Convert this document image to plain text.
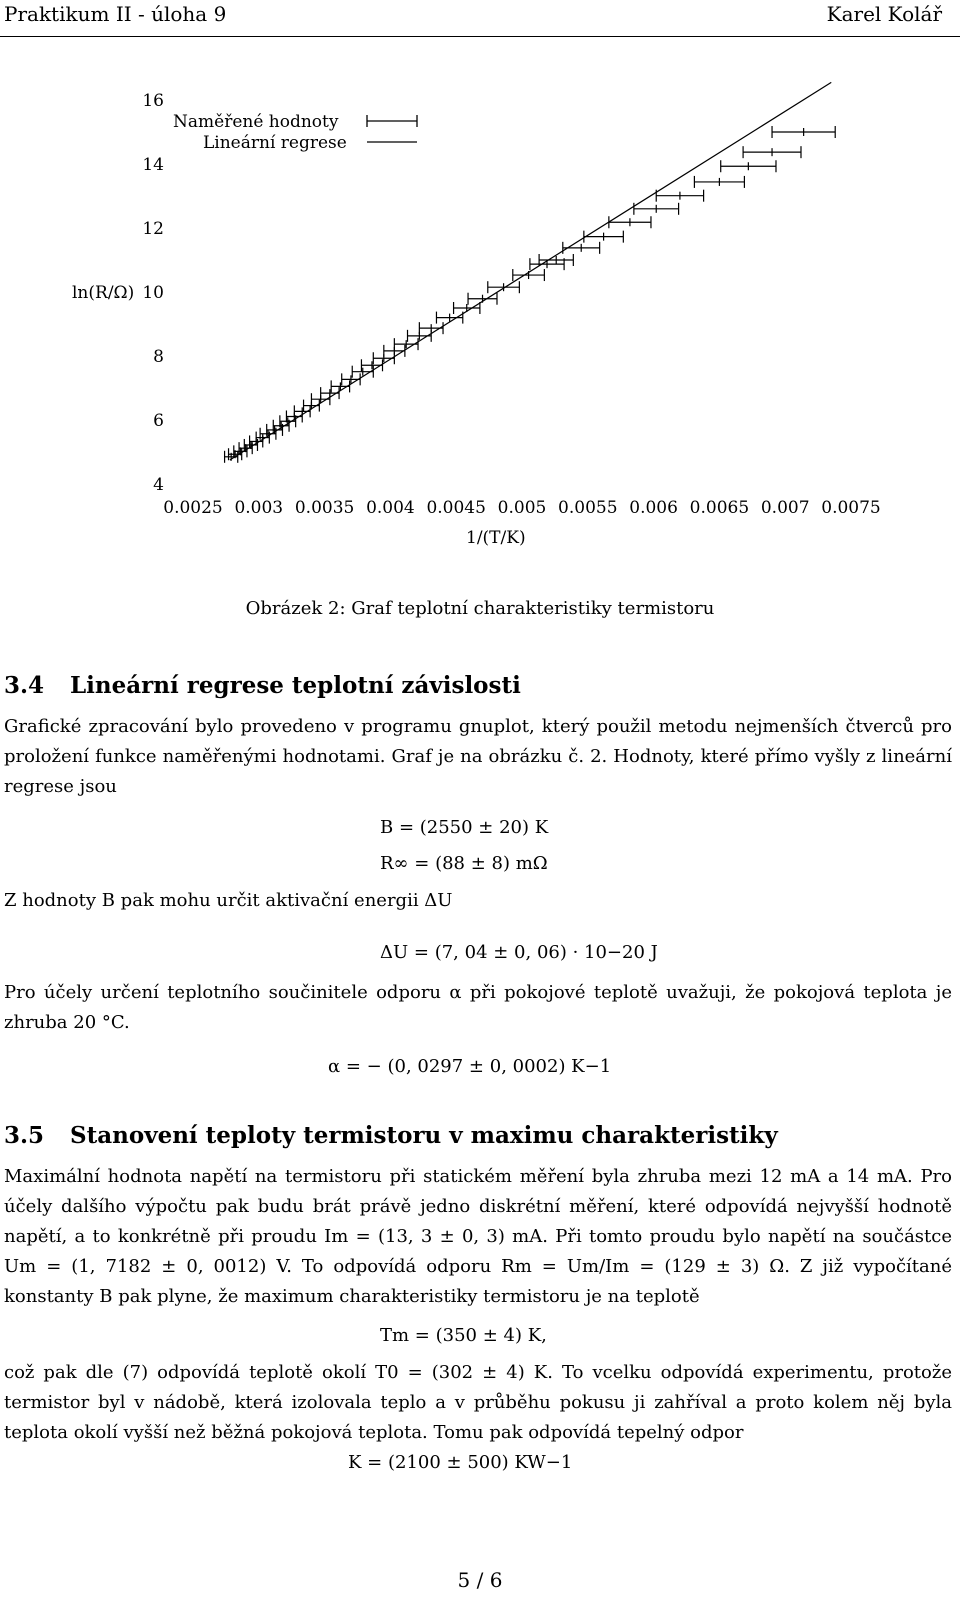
Praktikum II - úloha 9	Karel Kolář
0.0025 0.003 0.0035 0.004 0.0045 0.005 0.0055 0.006 0.0065 0.007 0.0075
4
6
8
10
12
14
16
ln(R/Ω)
1/(T/K)
Naměřené hodnoty
Lineární regrese
Obrázek 2: Graf teplotní charakteristiky termistoru
3.4 Lineární regrese teplotní závislosti

Grafické zpracování bylo provedeno v programu gnuplot, který použil metodu nejmenších čtverců pro proložení funkce naměřenými hodnotami. Graf je na obrázku č. 2. Hodnoty, které přímo vyšly z lineární regrese jsou

B = (2550 ± 20) K
R∞ = (88 ± 8) mΩ

Z hodnoty B pak mohu určit aktivační energii ΔU

ΔU = (7, 04 ± 0, 06) · 10−20 J

Pro účely určení teplotního součinitele odporu α při pokojové teplotě uvažuji, že pokojová teplota je zhruba 20 °C.

α = − (0, 0297 ± 0, 0002) K−1
3.5 Stanovení teploty termistoru v maximu charakteristiky

Maximální hodnota napětí na termistoru při statickém měření byla zhruba mezi 12 mA a 14 mA. Pro účely dalšího výpočtu pak budu brát právě jedno diskrétní měření, které odpovídá nejvyšší hodnotě napětí, a to konkrétně při proudu Im = (13, 3 ± 0, 3) mA. Při tomto proudu bylo napětí na součástce Um = (1, 7182 ± 0, 0012) V. To odpovídá odporu Rm = Um/Im = (129 ± 3) Ω. Z již vypočítané konstanty B pak plyne, že maximum charakteristiky termistoru je na teplotě

Tm = (350 ± 4) K,

což pak dle (7) odpovídá teplotě okolí T0 = (302 ± 4) K. To vcelku odpovídá experimentu, protože termistor byl v nádobě, která izolovala teplo a v průběhu pokusu ji zahříval a proto kolem něj byla teplota okolí vyšší než běžná pokojová teplota. Tomu pak odpovídá tepelný odpor

K = (2100 ± 500) KW−1
5 / 6
